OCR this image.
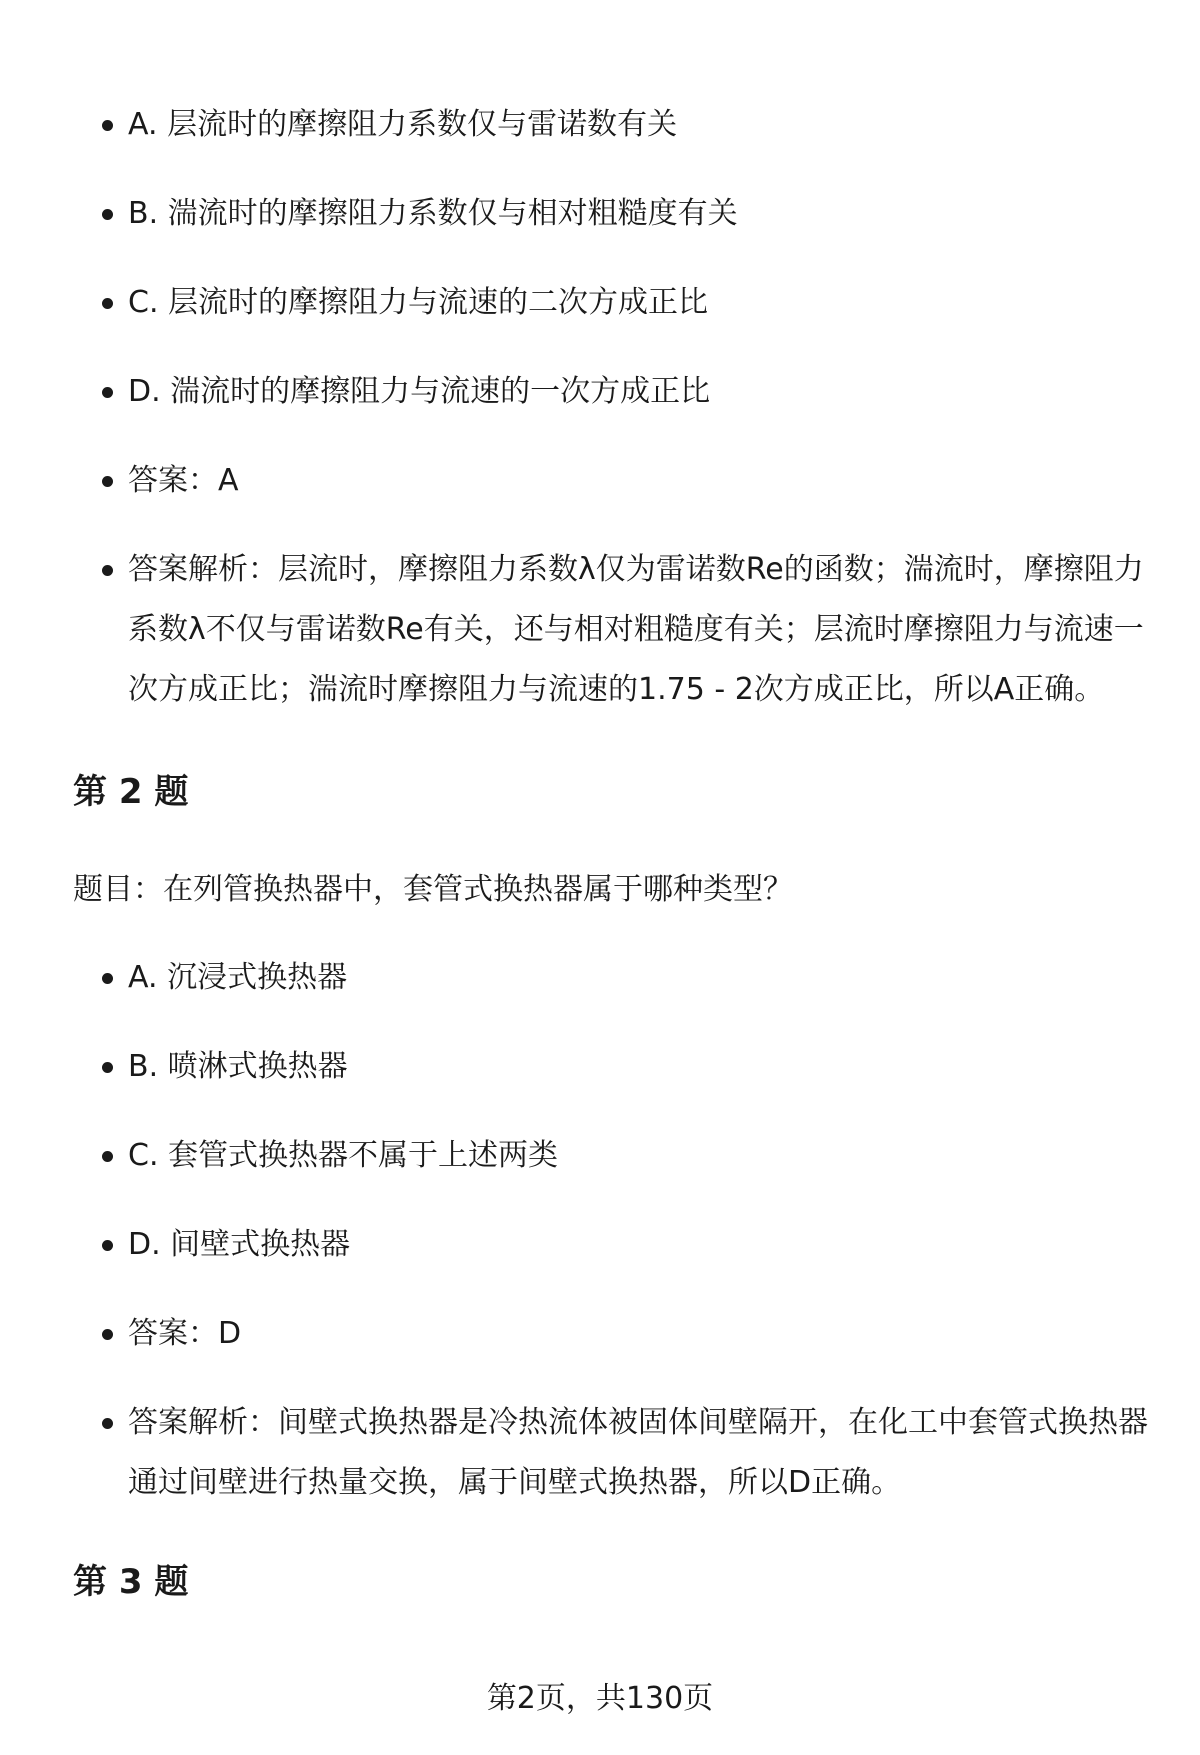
A. 层流时的摩擦阻力系数仅与雷诺数有关
B. 湍流时的摩擦阻力系数仅与相对粗糙度有关
C. 层流时的摩擦阻力与流速的二次方成正比
D. 湍流时的摩擦阻力与流速的一次方成正比
答案：A
答案解析：层流时，摩擦阻力系数λ仅为雷诺数Re的函数；湍流时，摩擦阻力系数λ不仅与雷诺数Re有关，还与相对粗糙度有关；层流时摩擦阻力与流速一次方成正比；湍流时摩擦阻力与流速的1.75 - 2次方成正比，所以A正确。
第 2 题
题目：在列管换热器中，套管式换热器属于哪种类型？
A. 沉浸式换热器
B. 喷淋式换热器
C. 套管式换热器不属于上述两类
D. 间壁式换热器
答案：D
答案解析：间壁式换热器是冷热流体被固体间壁隔开，在化工中套管式换热器通过间壁进行热量交换，属于间壁式换热器，所以D正确。
第 3 题
第2页，共130页
